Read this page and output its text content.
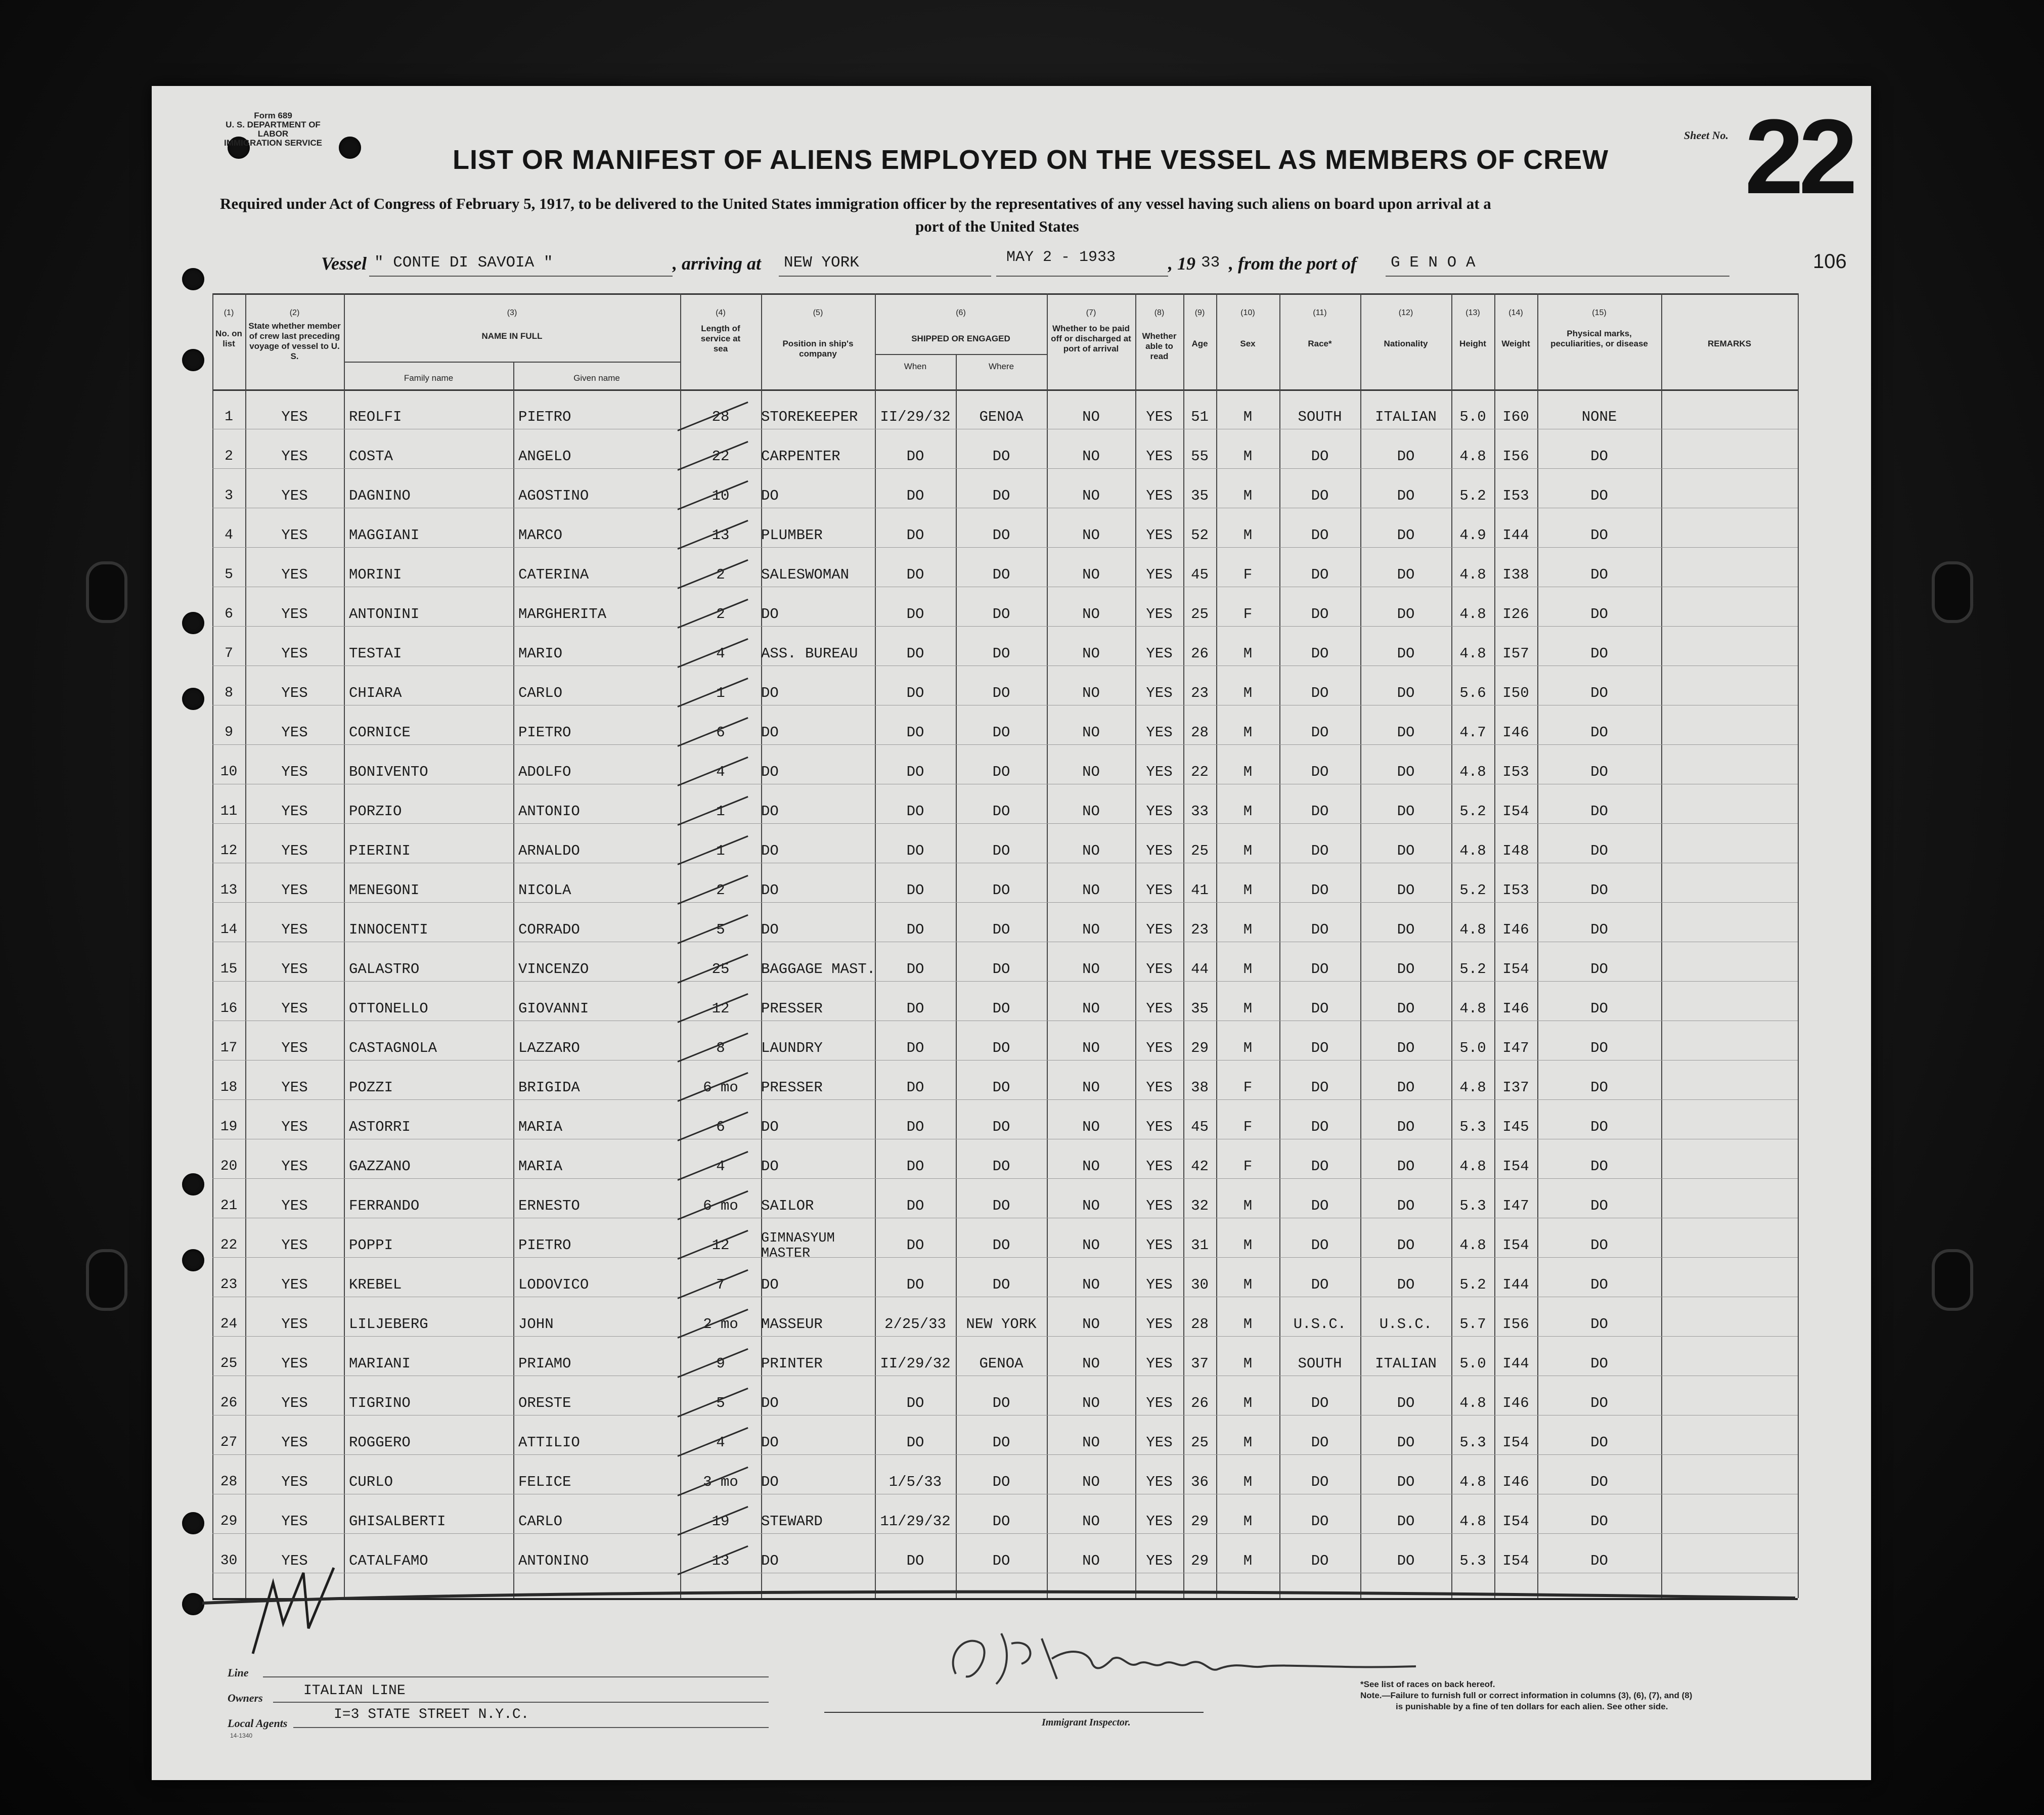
Form 689
U. S. DEPARTMENT OF LABOR
IMMIGRATION SERVICE
LIST OR MANIFEST OF ALIENS EMPLOYED ON THE VESSEL AS MEMBERS OF CREW
Sheet No. 22
Required under Act of Congress of February 5, 1917, to be delivered to the United States immigration officer by the representatives of any vessel having such aliens on board upon arrival at a
port of the United States
Vessel " CONTE DI SAVOIA "	, arriving at NEW YORK	MAY 2 - 1933	, 19 33 , from the port of G E N O A	106
(1)
No. on list
(2)
State whether member of crew last preceding voyage of vessel to U. S.
(3)
NAME IN FULL
Family name	Given name
(4)
Length of service at sea
(5)
Position in ship's company
(6)
SHIPPED OR ENGAGED
When	Where
(7)
Whether to be paid off or discharged at port of arrival
(8)
Whether able to read
(9)
Age
(10)
Sex
(11)
Race*
(12)
Nationality
(13)
Height
(14)
Weight
(15)
Physical marks, peculiarities, or disease	REMARKS
1	YES	REOLFI	PIETRO	28	STOREKEEPER	II/29/32	GENOA	NO	YES	51	M	SOUTH	ITALIAN	5.0	I60	NONE
2	YES	COSTA	ANGELO	22	CARPENTER	DO	DO	NO	YES	55	M	DO	DO	4.8	I56	DO
3	YES	DAGNINO	AGOSTINO	10	DO	DO	DO	NO	YES	35	M	DO	DO	5.2	I53	DO
4	YES	MAGGIANI	MARCO	13	PLUMBER	DO	DO	NO	YES	52	M	DO	DO	4.9	I44	DO
5	YES	MORINI	CATERINA	2	SALESWOMAN	DO	DO	NO	YES	45	F	DO	DO	4.8	I38	DO
6	YES	ANTONINI	MARGHERITA	2	DO	DO	DO	NO	YES	25	F	DO	DO	4.8	I26	DO
7	YES	TESTAI	MARIO	4	ASS. BUREAU	DO	DO	NO	YES	26	M	DO	DO	4.8	I57	DO
8	YES	CHIARA	CARLO	1	DO	DO	DO	NO	YES	23	M	DO	DO	5.6	I50	DO
9	YES	CORNICE	PIETRO	6	DO	DO	DO	NO	YES	28	M	DO	DO	4.7	I46	DO
10	YES	BONIVENTO	ADOLFO	4	DO	DO	DO	NO	YES	22	M	DO	DO	4.8	I53	DO
11	YES	PORZIO	ANTONIO	1	DO	DO	DO	NO	YES	33	M	DO	DO	5.2	I54	DO
12	YES	PIERINI	ARNALDO	1	DO	DO	DO	NO	YES	25	M	DO	DO	4.8	I48	DO
13	YES	MENEGONI	NICOLA	2	DO	DO	DO	NO	YES	41	M	DO	DO	5.2	I53	DO
14	YES	INNOCENTI	CORRADO	5	DO	DO	DO	NO	YES	23	M	DO	DO	4.8	I46	DO
15	YES	GALASTRO	VINCENZO	25	BAGGAGE MAST.	DO	DO	NO	YES	44	M	DO	DO	5.2	I54	DO
16	YES	OTTONELLO	GIOVANNI	12	PRESSER	DO	DO	NO	YES	35	M	DO	DO	4.8	I46	DO
17	YES	CASTAGNOLA	LAZZARO	8	LAUNDRY	DO	DO	NO	YES	29	M	DO	DO	5.0	I47	DO
18	YES	POZZI	BRIGIDA	6 mo	PRESSER	DO	DO	NO	YES	38	F	DO	DO	4.8	I37	DO
19	YES	ASTORRI	MARIA	6	DO	DO	DO	NO	YES	45	F	DO	DO	5.3	I45	DO
20	YES	GAZZANO	MARIA	4	DO	DO	DO	NO	YES	42	F	DO	DO	4.8	I54	DO
21	YES	FERRANDO	ERNESTO	6 mo	SAILOR	DO	DO	NO	YES	32	M	DO	DO	5.3	I47	DO
22	YES	POPPI	PIETRO	12	GIMNASYUM MASTER	DO	DO	NO	YES	31	M	DO	DO	4.8	I54	DO
23	YES	KREBEL	LODOVICO	7	DO	DO	DO	NO	YES	30	M	DO	DO	5.2	I44	DO
24	YES	LILJEBERG	JOHN	2 mo	MASSEUR	2/25/33	NEW YORK	NO	YES	28	M	U.S.C.	U.S.C.	5.7	I56	DO
25	YES	MARIANI	PRIAMO	9	PRINTER	II/29/32	GENOA	NO	YES	37	M	SOUTH	ITALIAN	5.0	I44	DO
26	YES	TIGRINO	ORESTE	5	DO	DO	DO	NO	YES	26	M	DO	DO	4.8	I46	DO
27	YES	ROGGERO	ATTILIO	4	DO	DO	DO	NO	YES	25	M	DO	DO	5.3	I54	DO
28	YES	CURLO	FELICE	3 mo	DO	1/5/33	DO	NO	YES	36	M	DO	DO	4.8	I46	DO
29	YES	GHISALBERTI	CARLO	19	STEWARD	11/29/32	DO	NO	YES	29	M	DO	DO	4.8	I54	DO
30	YES	CATALFAMO	ANTONINO	13	DO	DO	DO	NO	YES	29	M	DO	DO	5.3	I54	DO
Line
Owners	ITALIAN LINE
Local Agents
I=3 STATE STREET N.Y.C.
14-1340
Immigrant Inspector.
*See list of races on back hereof.
Note.—Failure to furnish full or correct information in columns (3), (6), (7), and (8)
is punishable by a fine of ten dollars for each alien. See other side.
